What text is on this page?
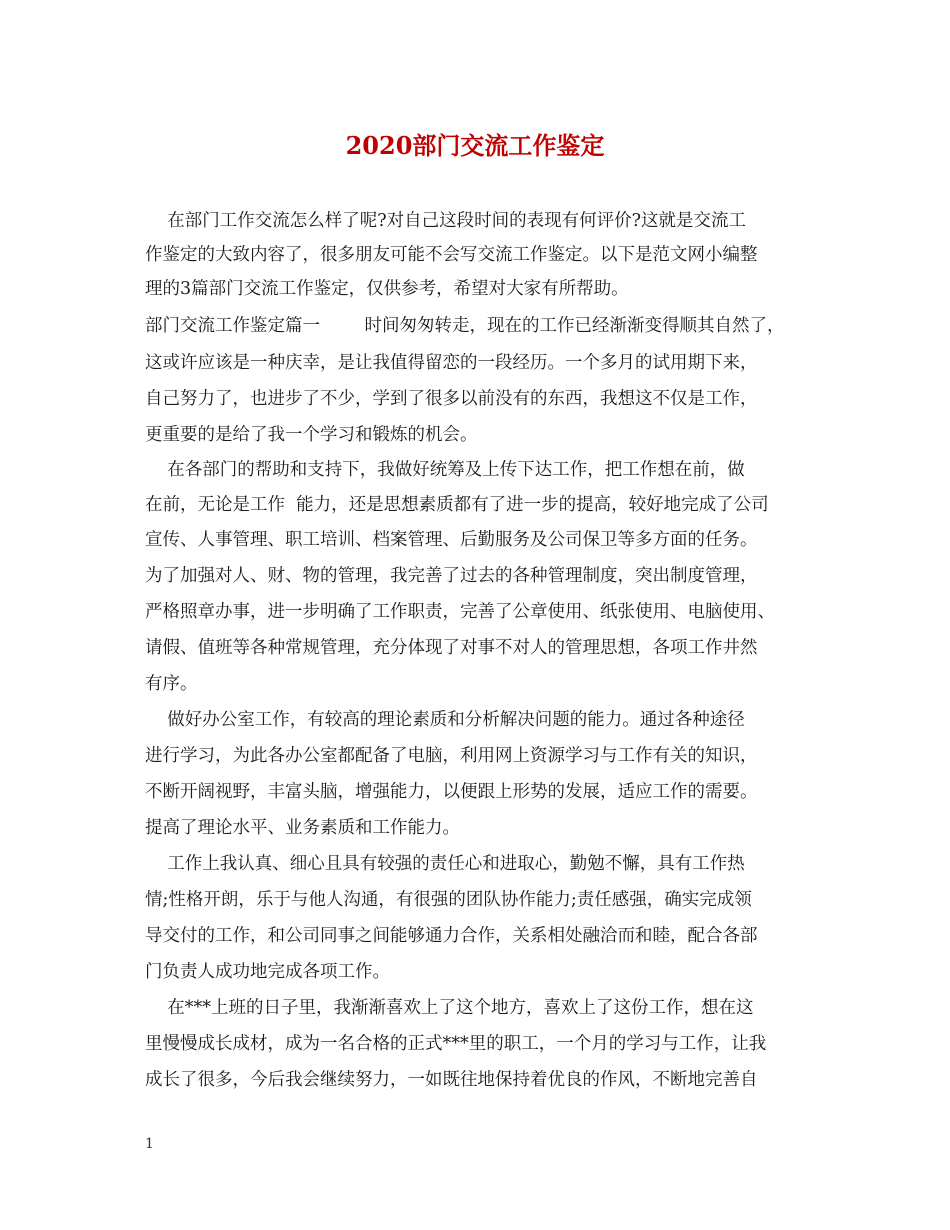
2020部门交流工作鉴定
在部门工作交流怎么样了呢?对自己这段时间的表现有何评价?这就是交流工
作鉴定的大致内容了，很多朋友可能不会写交流工作鉴定。以下是范文网小编整
理的3篇部门交流工作鉴定，仅供参考，希望对大家有所帮助。
部门交流工作鉴定篇一        时间匆匆转走，现在的工作已经渐渐变得顺其自然了，
这或许应该是一种庆幸，是让我值得留恋的一段经历。一个多月的试用期下来，
自己努力了，也进步了不少，学到了很多以前没有的东西，我想这不仅是工作，
更重要的是给了我一个学习和锻炼的机会。
在各部门的帮助和支持下，我做好统筹及上传下达工作，把工作想在前，做
在前，无论是工作  能力，还是思想素质都有了进一步的提高，较好地完成了公司
宣传、人事管理、职工培训、档案管理、后勤服务及公司保卫等多方面的任务。
为了加强对人、财、物的管理，我完善了过去的各种管理制度，突出制度管理，
严格照章办事，进一步明确了工作职责，完善了公章使用、纸张使用、电脑使用、
请假、值班等各种常规管理，充分体现了对事不对人的管理思想，各项工作井然
有序。
做好办公室工作，有较高的理论素质和分析解决问题的能力。通过各种途径
进行学习，为此各办公室都配备了电脑，利用网上资源学习与工作有关的知识，
不断开阔视野，丰富头脑，增强能力，以便跟上形势的发展，适应工作的需要。
提高了理论水平、业务素质和工作能力。
工作上我认真、细心且具有较强的责任心和进取心，勤勉不懈，具有工作热
情;性格开朗，乐于与他人沟通，有很强的团队协作能力;责任感强，确实完成领
导交付的工作，和公司同事之间能够通力合作，关系相处融洽而和睦，配合各部
门负责人成功地完成各项工作。
在***上班的日子里，我渐渐喜欢上了这个地方，喜欢上了这份工作，想在这
里慢慢成长成材，成为一名合格的正式***里的职工，一个月的学习与工作，让我
成长了很多，今后我会继续努力，一如既往地保持着优良的作风，不断地完善自
1
